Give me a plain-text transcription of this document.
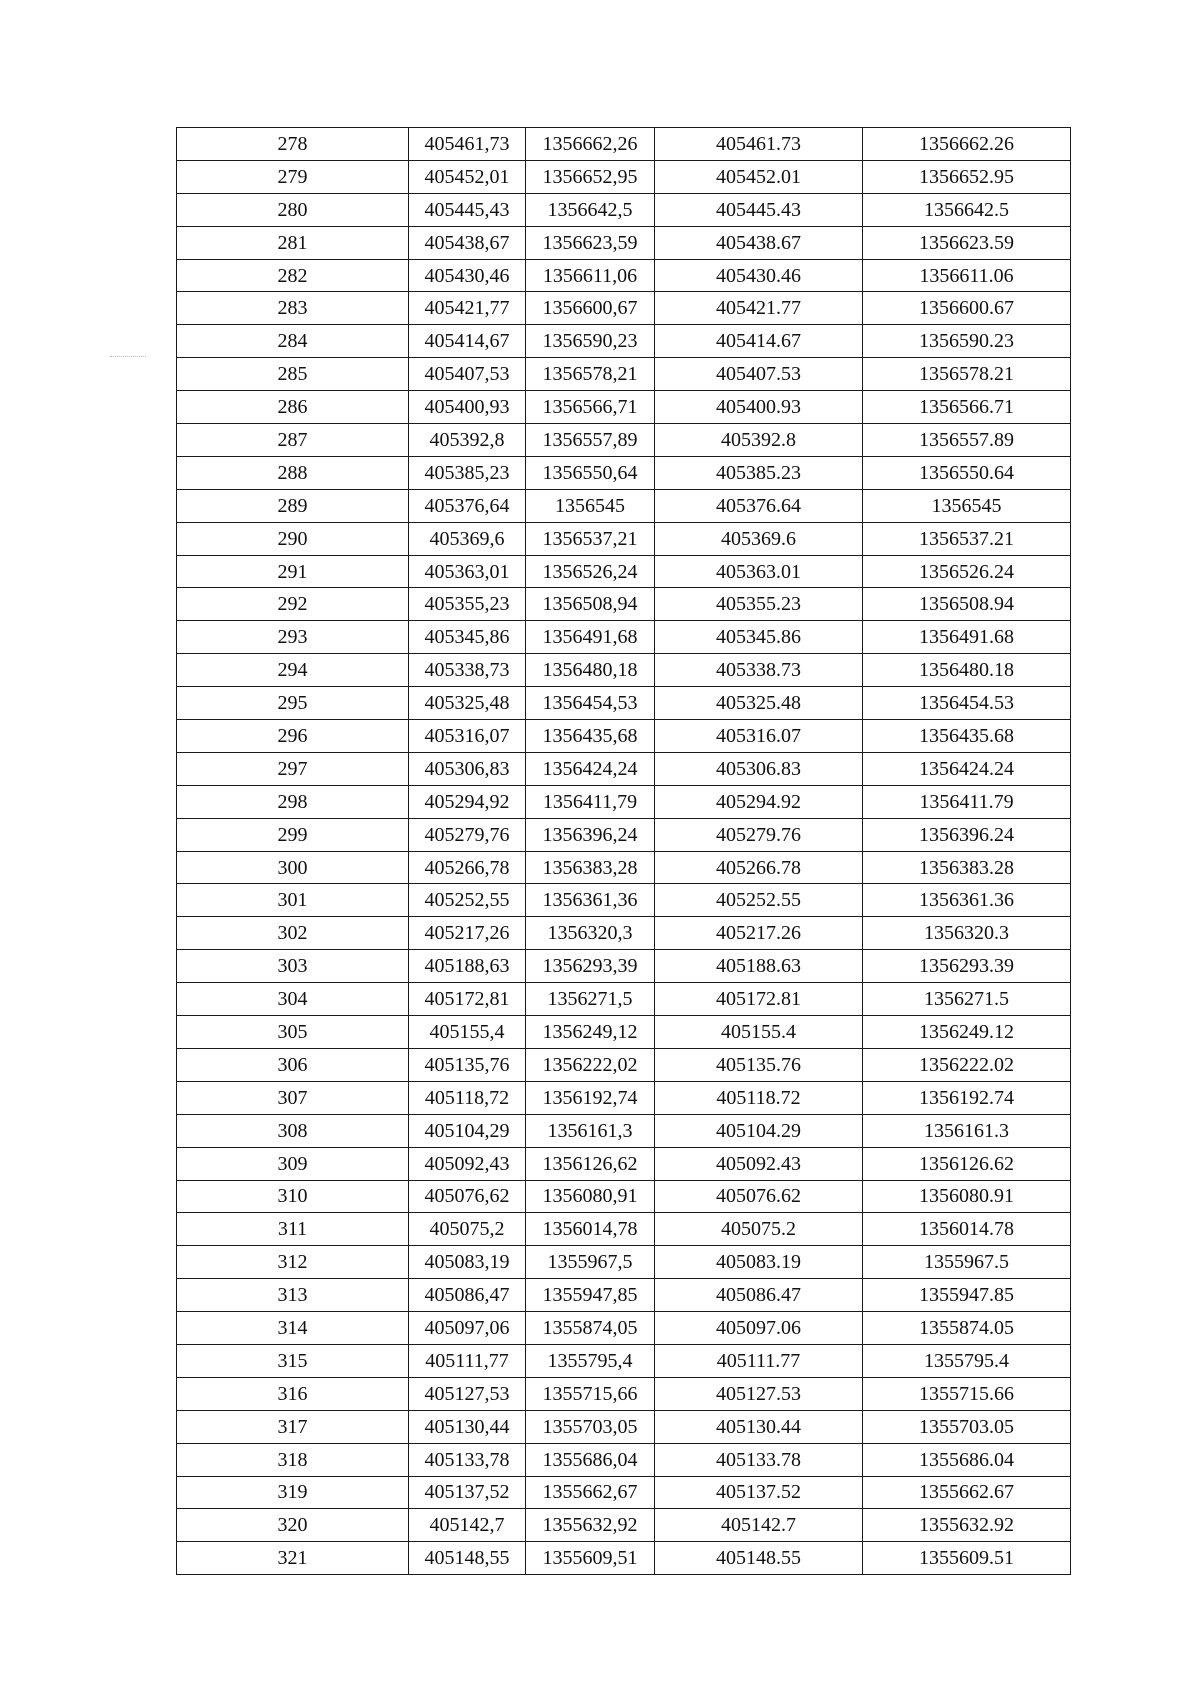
278	405461,73	1356662,26	405461.73	1356662.26
279	405452,01	1356652,95	405452.01	1356652.95
280	405445,43	1356642,5	405445.43	1356642.5
281	405438,67	1356623,59	405438.67	1356623.59
282	405430,46	1356611,06	405430.46	1356611.06
283	405421,77	1356600,67	405421.77	1356600.67
284	405414,67	1356590,23	405414.67	1356590.23
285	405407,53	1356578,21	405407.53	1356578.21
286	405400,93	1356566,71	405400.93	1356566.71
287	405392,8	1356557,89	405392.8	1356557.89
288	405385,23	1356550,64	405385.23	1356550.64
289	405376,64	1356545	405376.64	1356545
290	405369,6	1356537,21	405369.6	1356537.21
291	405363,01	1356526,24	405363.01	1356526.24
292	405355,23	1356508,94	405355.23	1356508.94
293	405345,86	1356491,68	405345.86	1356491.68
294	405338,73	1356480,18	405338.73	1356480.18
295	405325,48	1356454,53	405325.48	1356454.53
296	405316,07	1356435,68	405316.07	1356435.68
297	405306,83	1356424,24	405306.83	1356424.24
298	405294,92	1356411,79	405294.92	1356411.79
299	405279,76	1356396,24	405279.76	1356396.24
300	405266,78	1356383,28	405266.78	1356383.28
301	405252,55	1356361,36	405252.55	1356361.36
302	405217,26	1356320,3	405217.26	1356320.3
303	405188,63	1356293,39	405188.63	1356293.39
304	405172,81	1356271,5	405172.81	1356271.5
305	405155,4	1356249,12	405155.4	1356249.12
306	405135,76	1356222,02	405135.76	1356222.02
307	405118,72	1356192,74	405118.72	1356192.74
308	405104,29	1356161,3	405104.29	1356161.3
309	405092,43	1356126,62	405092.43	1356126.62
310	405076,62	1356080,91	405076.62	1356080.91
311	405075,2	1356014,78	405075.2	1356014.78
312	405083,19	1355967,5	405083.19	1355967.5
313	405086,47	1355947,85	405086.47	1355947.85
314	405097,06	1355874,05	405097.06	1355874.05
315	405111,77	1355795,4	405111.77	1355795.4
316	405127,53	1355715,66	405127.53	1355715.66
317	405130,44	1355703,05	405130.44	1355703.05
318	405133,78	1355686,04	405133.78	1355686.04
319	405137,52	1355662,67	405137.52	1355662.67
320	405142,7	1355632,92	405142.7	1355632.92
321	405148,55	1355609,51	405148.55	1355609.51
